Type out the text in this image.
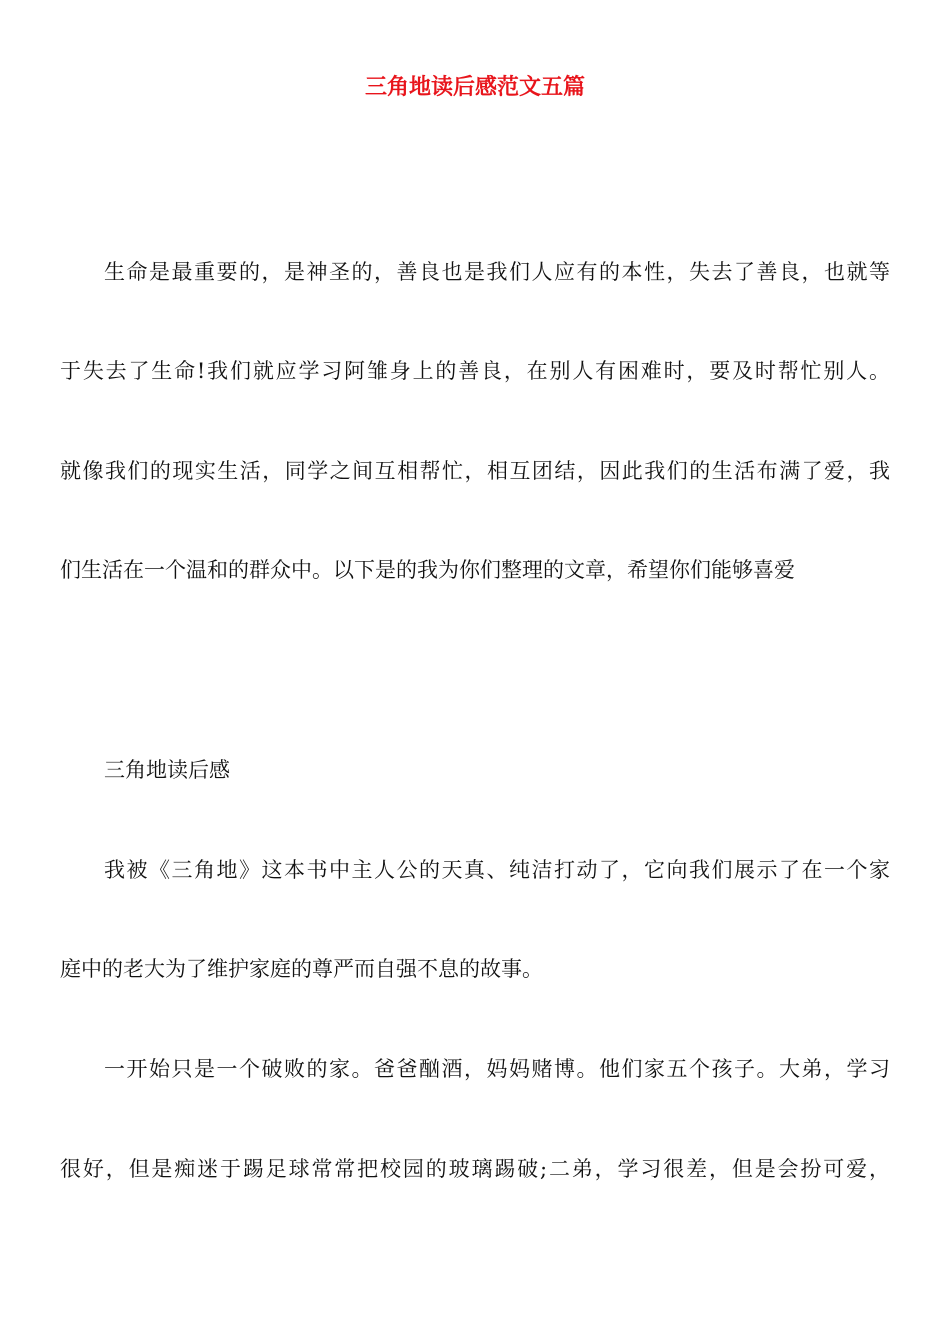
三角地读后感范文五篇

生命是最重要的，是神圣的，善良也是我们人应有的本性，失去了善良，也就等

于失去了生命!我们就应学习阿雏身上的善良，在别人有困难时，要及时帮忙别人。

就像我们的现实生活，同学之间互相帮忙，相互团结，因此我们的生活布满了爱，我

们生活在一个温和的群众中。以下是的我为你们整理的文章，希望你们能够喜爱

三角地读后感

我被《三角地》这本书中主人公的天真、纯洁打动了，它向我们展示了在一个家

庭中的老大为了维护家庭的尊严而自强不息的故事。

一开始只是一个破败的家。爸爸酗酒，妈妈赌博。他们家五个孩子。大弟，学习

很好，但是痴迷于踢足球常常把校园的玻璃踢破;二弟，学习很差，但是会扮可爱，
